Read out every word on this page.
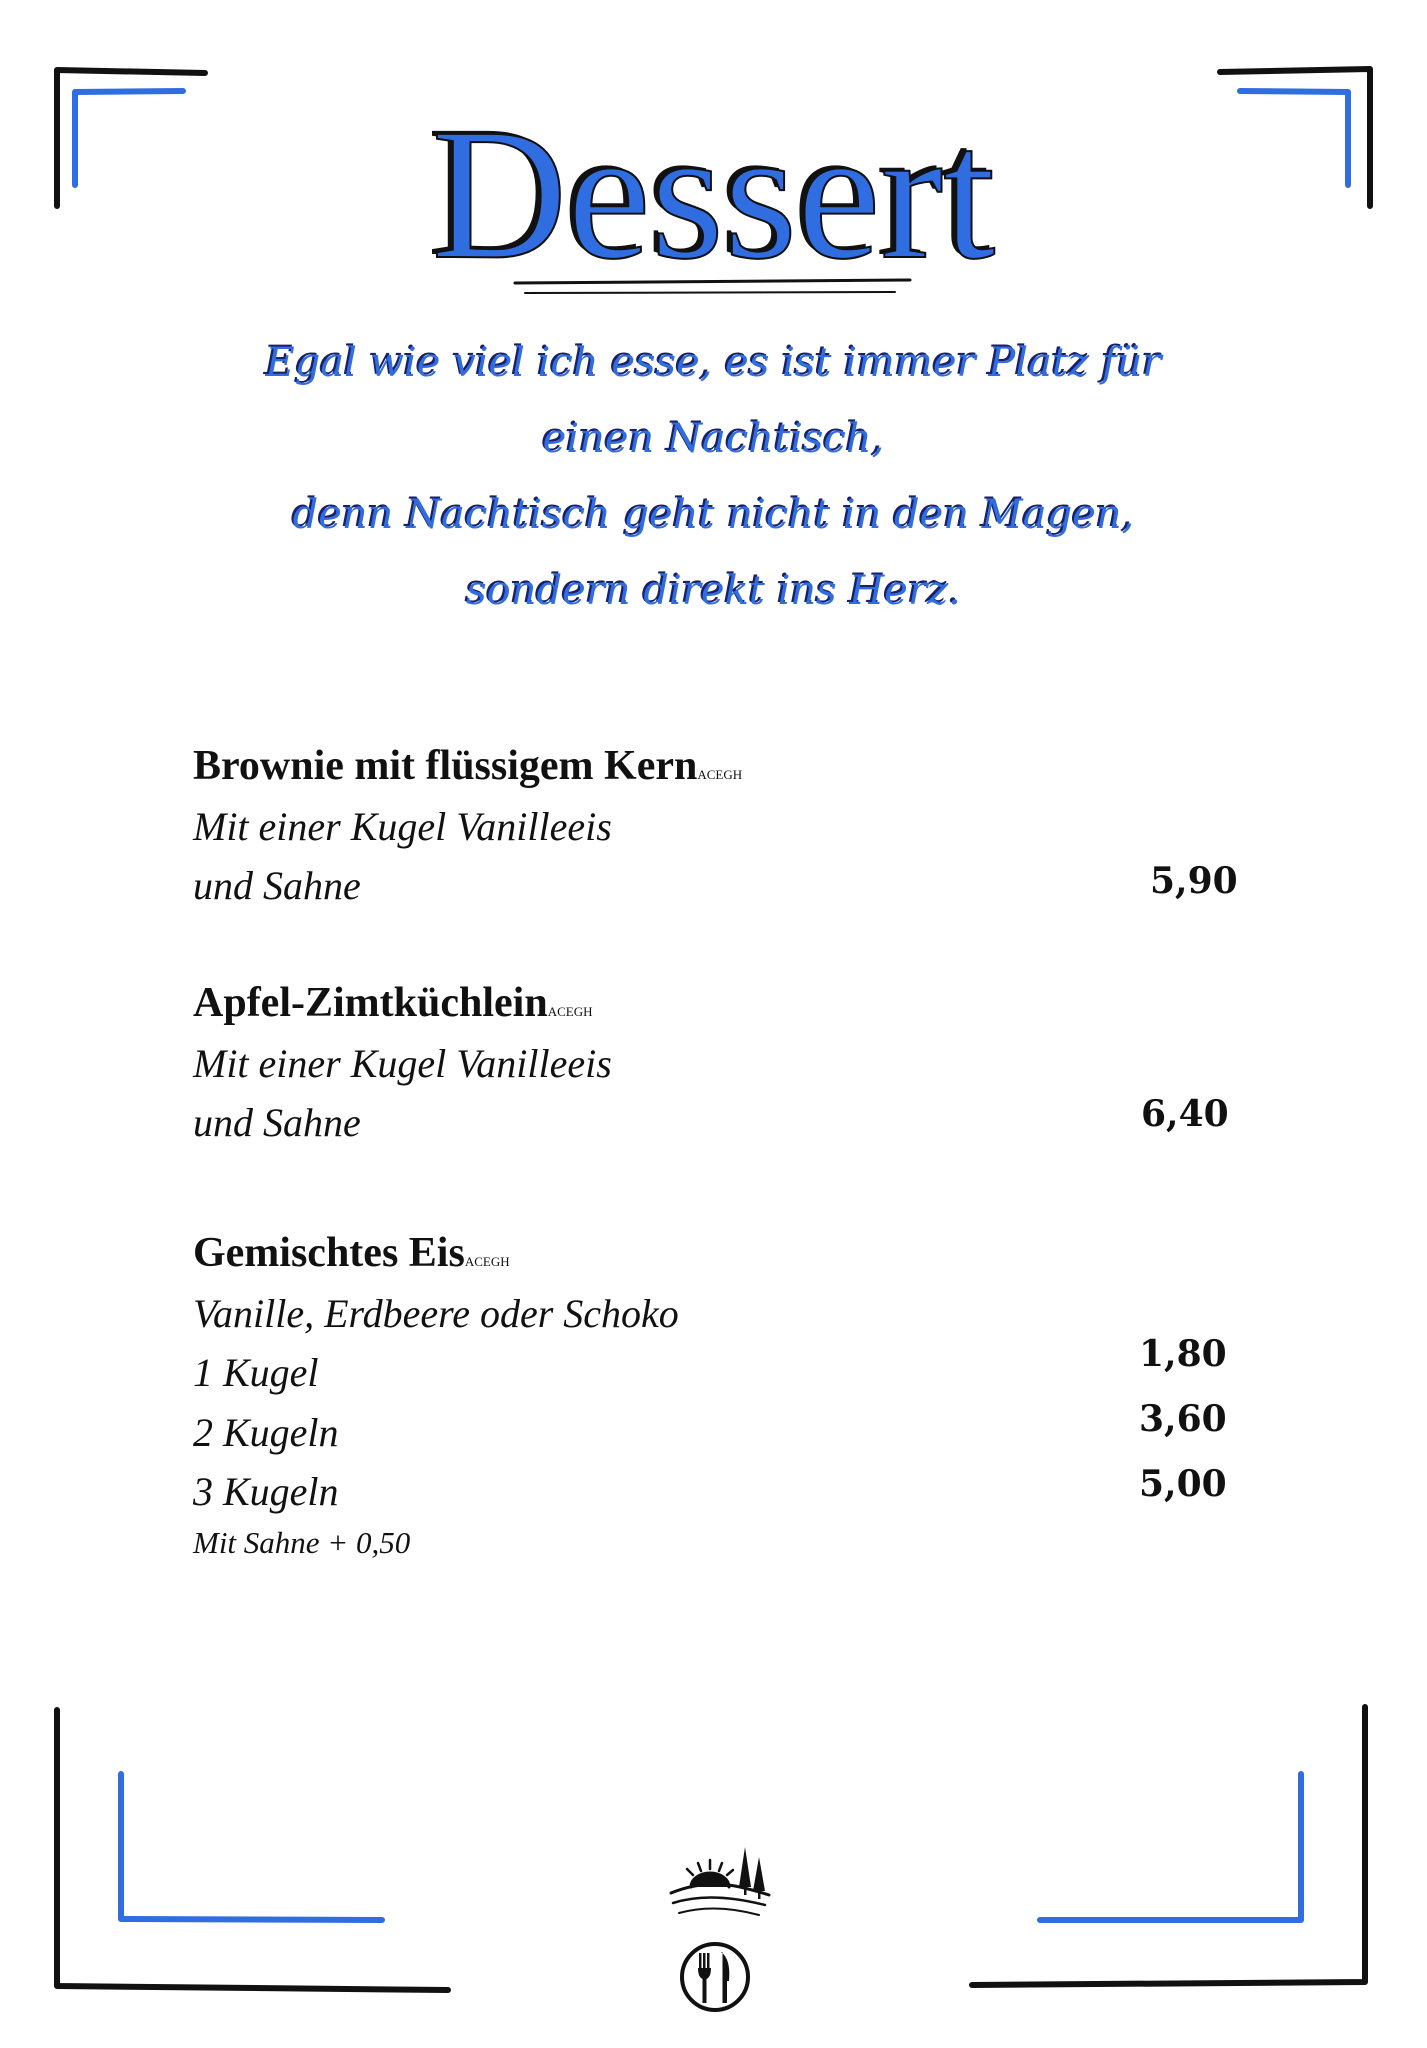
Dessert
Egal wie viel ich esse, es ist immer Platz für
einen Nachtisch,
denn Nachtisch geht nicht in den Magen,
sondern direkt ins Herz.
Brownie mit flüssigem KernACEGH
Mit einer Kugel Vanilleeis
und Sahne	5,90
Apfel-ZimtküchleinACEGH
Mit einer Kugel Vanilleeis
und Sahne	6,40
Gemischtes EisACEGH
Vanille, Erdbeere oder Schoko
1 Kugel	1,80
2 Kugeln	3,60
3 Kugeln	5,00
Mit Sahne + 0,50
